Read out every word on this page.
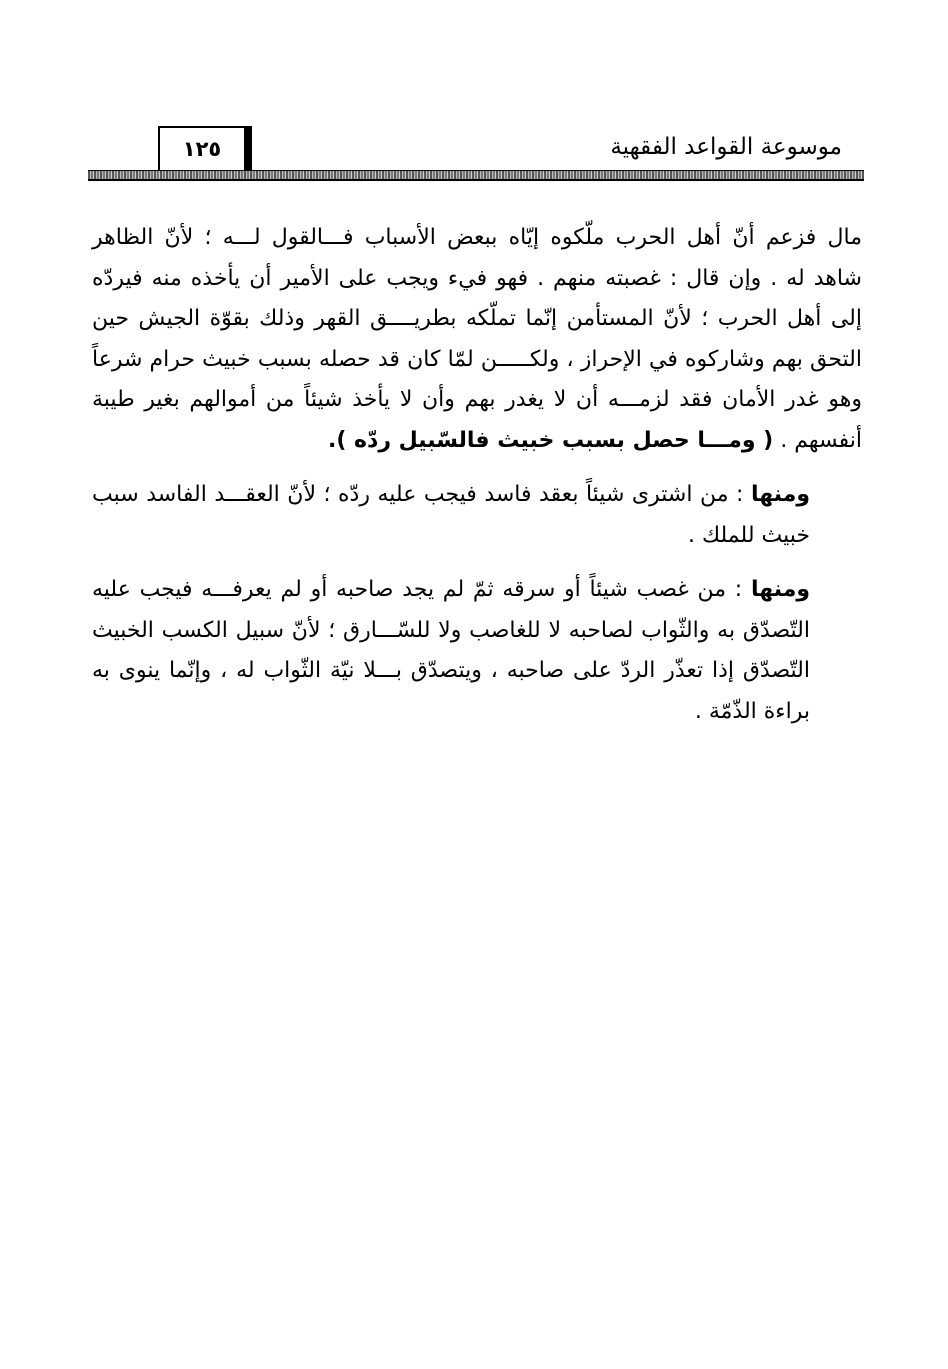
موسوعة القواعد الفقهية
١٢٥

مال فزعم أنّ أهل الحرب ملّكوه إيّاه ببعض الأسباب فـــالقول لـــه ؛ لأنّ الظاهر شاهد له . وإن قال : غصبته منهم . فهو فيء ويجب على الأمير أن يأخذه منه فيردّه إلى أهل الحرب ؛ لأنّ المستأمن إنّما تملّكه بطريــــق القهر وذلك بقوّة الجيش حين التحق بهم وشاركوه في الإحراز ، ولكـــــن لمّا كان قد حصله بسبب خبيث حرام شرعاً وهو غدر الأمان فقد لزمـــه أن لا يغدر بهم وأن لا يأخذ شيئاً من أموالهم بغير طيبة أنفسهم . ( ومـــا حصل بسبب خبيث فالسّبيل ردّه ).

ومنها : من اشترى شيئاً بعقد فاسد فيجب عليه ردّه ؛ لأنّ العقـــد الفاسد سبب خبيث للملك .

ومنها : من غصب شيئاً أو سرقه ثمّ لم يجد صاحبه أو لم يعرفـــه فيجب عليه التّصدّق به والثّواب لصاحبه لا للغاصب ولا للسّـــارق ؛ لأنّ سبيل الكسب الخبيث التّصدّق إذا تعذّر الردّ على صاحبه ، ويتصدّق بـــلا نيّة الثّواب له ، وإنّما ينوى به براءة الذّمّة .
